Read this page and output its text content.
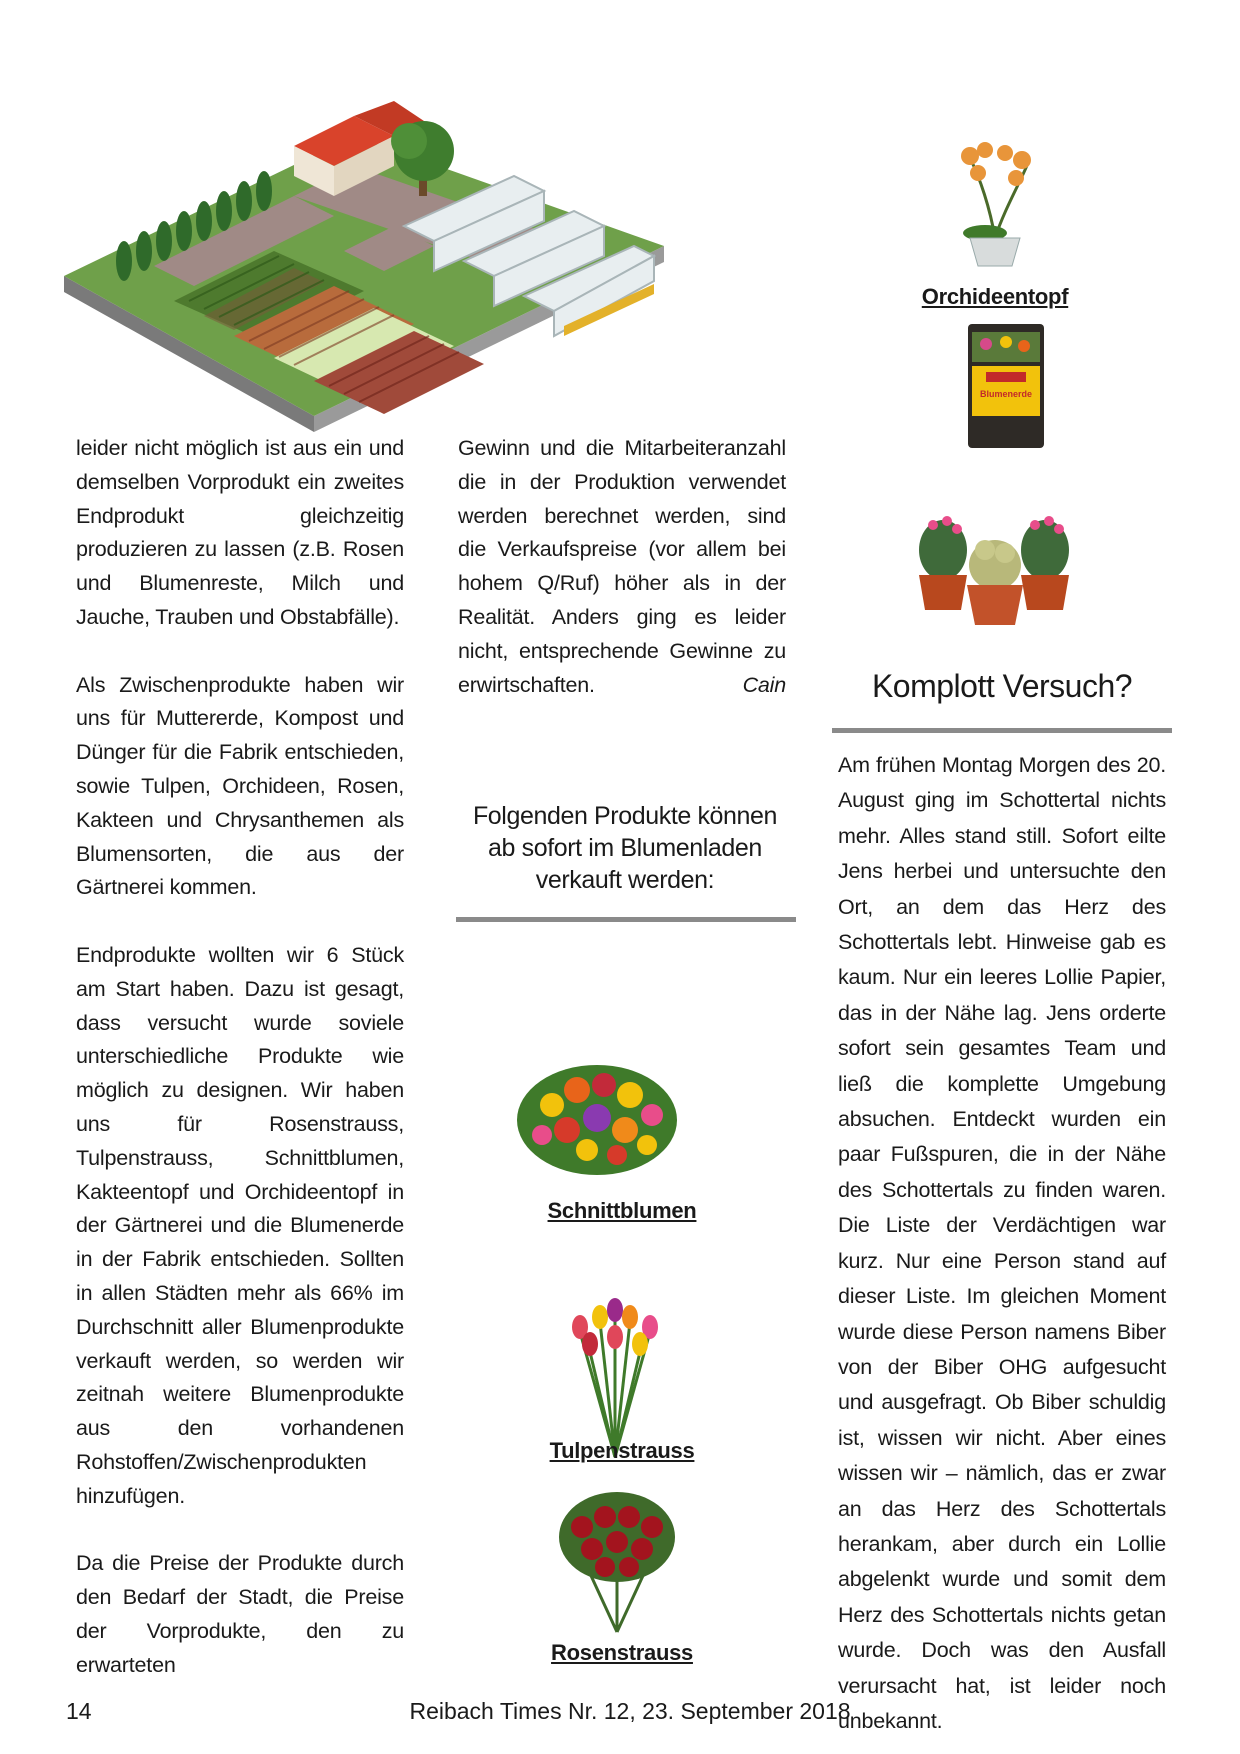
leider nicht möglich ist aus ein und demselben Vorprodukt ein zweites Endprodukt gleichzeitig produzieren zu lassen (z.B. Rosen und Blumenreste, Milch und Jauche, Trauben und Obstabfälle).

Als Zwischenprodukte haben wir uns für Muttererde, Kompost und Dünger für die Fabrik entschieden, sowie Tulpen, Orchideen, Rosen, Kakteen und Chrysanthemen als Blumensorten, die aus der Gärtnerei kommen.

Endprodukte wollten wir 6 Stück am Start haben. Dazu ist gesagt, dass versucht wurde soviele unterschiedliche Produkte wie möglich zu designen. Wir haben uns für Rosenstrauss, Tulpenstrauss, Schnittblumen, Kakteentopf und Orchideentopf in der Gärtnerei und die Blumenerde in der Fabrik entschieden. Sollten in allen Städten mehr als 66% im Durchschnitt aller Blumenprodukte verkauft werden, so werden wir zeitnah weitere Blumenprodukte aus den vorhandenen Rohstoffen/Zwischenprodukten hinzufügen.

Da die Preise der Produkte durch den Bedarf der Stadt, die Preise der Vorprodukte, den zu erwarteten

Gewinn und die Mitarbeiteranzahl die in der Produktion verwendet werden berechnet werden, sind die Verkaufspreise (vor allem bei hohem Q/Ruf) höher als in der Realität. Anders ging es leider nicht, entsprechende Gewinne zu erwirtschaften.	Cain
Folgenden Produkte können ab sofort im Blumenladen verkauft werden:
Schnittblumen
Tulpenstrauss
Rosenstrauss
Orchideentopf
Blumenerde
Komplott Versuch?

Am frühen Montag Morgen des 20. August ging im Schottertal nichts mehr. Alles stand still. Sofort eilte Jens herbei und untersuchte den Ort, an dem das Herz des Schottertals lebt. Hinweise gab es kaum. Nur ein leeres Lollie Papier, das in der Nähe lag. Jens orderte sofort sein gesamtes Team und ließ die komplette Umgebung absuchen. Entdeckt wurden ein paar Fußspuren, die in der Nähe des Schottertals zu finden waren. Die Liste der Verdächtigen war kurz. Nur eine Person stand auf dieser Liste. Im gleichen Moment wurde diese Person namens Biber von der Biber OHG aufgesucht und ausgefragt. Ob Biber schuldig ist, wissen wir nicht. Aber eines wissen wir – nämlich, das er zwar an das Herz des Schottertals herankam, aber durch ein Lollie abgelenkt wurde und somit dem Herz des Schottertals nichts getan wurde. Doch was den Ausfall verursacht hat, ist leider noch unbekannt.

14	Reibach Times Nr. 12, 23. September 2018
